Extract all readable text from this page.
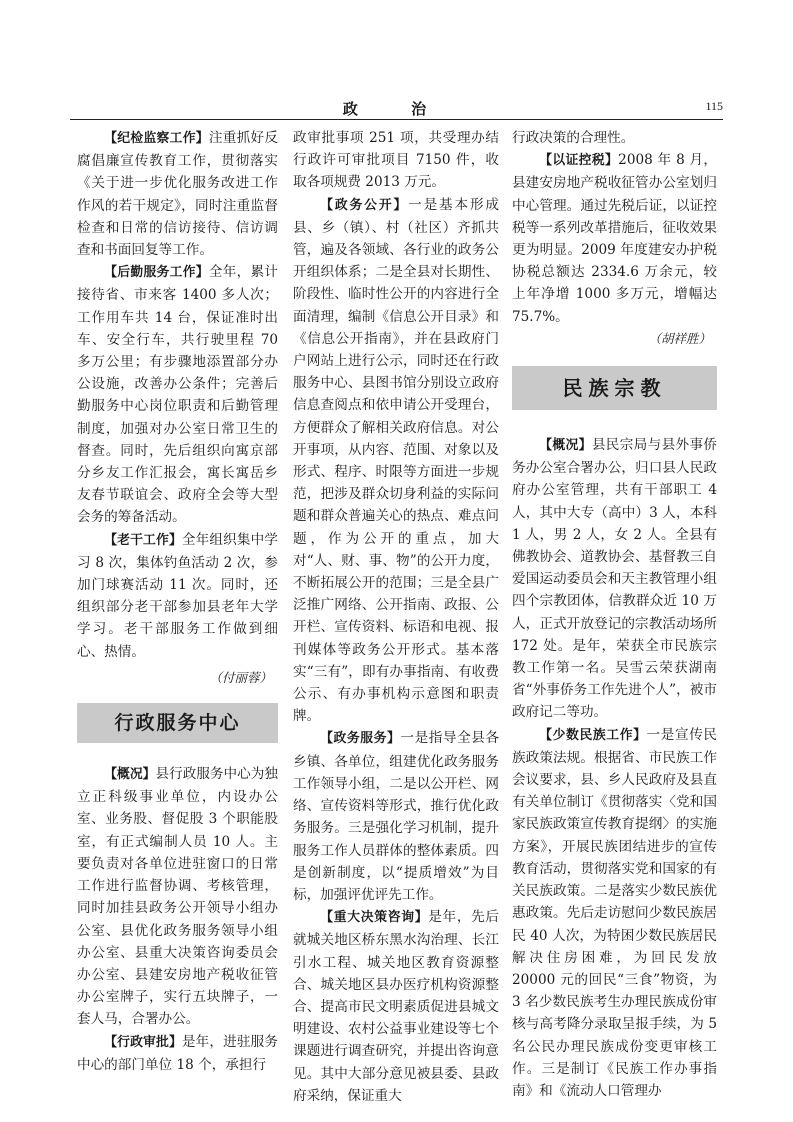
政 治	115

【纪检监察工作】注重抓好反腐倡廉宣传教育工作，贯彻落实《关于进一步优化服务改进工作作风的若干规定》，同时注重监督检查和日常的信访接待、信访调查和书面回复等工作。

【后勤服务工作】全年，累计接待省、市来客 1400 多人次；工作用车共 14 台，保证准时出车、安全行车，共行驶里程 70 多万公里；有步骤地添置部分办公设施，改善办公条件；完善后勤服务中心岗位职责和后勤管理制度，加强对办公室日常卫生的督查。同时，先后组织向寓京部分乡友工作汇报会，寓长寓岳乡友春节联谊会、政府全会等大型会务的筹备活动。

【老干工作】全年组织集中学习 8 次，集体钓鱼活动 2 次，参加门球赛活动 11 次。同时，还组织部分老干部参加县老年大学学习。老干部服务工作做到细心、热情。

（付丽蓉）
行政服务中心

【概况】县行政服务中心为独立正科级事业单位，内设办公室、业务股、督促股 3 个职能股室，有正式编制人员 10 人。主要负责对各单位进驻窗口的日常工作进行监督协调、考核管理，同时加挂县政务公开领导小组办公室、县优化政务服务领导小组办公室、县重大决策咨询委员会办公室、县建安房地产税收征管办公室牌子，实行五块牌子，一套人马，合署办公。

【行政审批】是年，进驻服务中心的部门单位 18 个，承担行

政审批事项 251 项，共受理办结行政许可审批项目 7150 件，收取各项规费 2013 万元。

【政务公开】一是基本形成县、乡（镇）、村（社区）齐抓共管，遍及各领域、各行业的政务公开组织体系；二是全县对长期性、阶段性、临时性公开的内容进行全面清理，编制《信息公开目录》和《信息公开指南》，并在县政府门户网站上进行公示，同时还在行政服务中心、县图书馆分别设立政府信息查阅点和依申请公开受理台，方便群众了解相关政府信息。对公开事项，从内容、范围、对象以及形式、程序、时限等方面进一步规范，把涉及群众切身利益的实际问题和群众普遍关心的热点、难点问题，作为公开的重点，加大对“人、财、事、物”的公开力度，不断拓展公开的范围；三是全县广泛推广网络、公开指南、政报、公开栏、宣传资料、标语和电视、报刊媒体等政务公开形式。基本落实“三有”，即有办事指南、有收费公示、有办事机构示意图和职责牌。

【政务服务】一是指导全县各乡镇、各单位，组建优化政务服务工作领导小组，二是以公开栏、网络、宣传资料等形式，推行优化政务服务。三是强化学习机制，提升服务工作人员群体的整体素质。四是创新制度，以“提质增效”为目标，加强评优评先工作。

【重大决策咨询】是年，先后就城关地区桥东黑水沟治理、长江引水工程、城关地区教育资源整合、城关地区县办医疗机构资源整合、提高市民文明素质促进县城文明建设、农村公益事业建设等七个课题进行调查研究，并提出咨询意见。其中大部分意见被县委、县政府采纳，保证重大

行政决策的合理性。

【以证控税】2008 年 8 月，县建安房地产税收征管办公室划归中心管理。通过先税后证，以证控税等一系列改革措施后，征收效果更为明显。2009 年度建安办护税协税总额达 2334.6 万余元，较上年净增 1000 多万元，增幅达 75.7%。

（胡祥胜）
民族宗教

【概况】县民宗局与县外事侨务办公室合署办公，归口县人民政府办公室管理，共有干部职工 4 人，其中大专（高中）3 人，本科 1 人，男 2 人，女 2 人。全县有佛教协会、道教协会、基督教三自爱国运动委员会和天主教管理小组四个宗教团体，信教群众近 10 万人，正式开放登记的宗教活动场所 172 处。是年，荣获全市民族宗教工作第一名。吴雪云荣获湖南省“外事侨务工作先进个人”，被市政府记二等功。

【少数民族工作】一是宣传民族政策法规。根据省、市民族工作会议要求，县、乡人民政府及县直有关单位制订《贯彻落实〈党和国家民族政策宣传教育提纲〉的实施方案》，开展民族团结进步的宣传教育活动，贯彻落实党和国家的有关民族政策。二是落实少数民族优惠政策。先后走访慰问少数民族居民 40 人次，为特困少数民族居民解决住房困难，为回民发放 20000 元的回民“三食”物资，为 3 名少数民族考生办理民族成份审核与高考降分录取呈报手续，为 5 名公民办理民族成份变更审核工作。三是制订《民族工作办事指南》和《流动人口管理办
